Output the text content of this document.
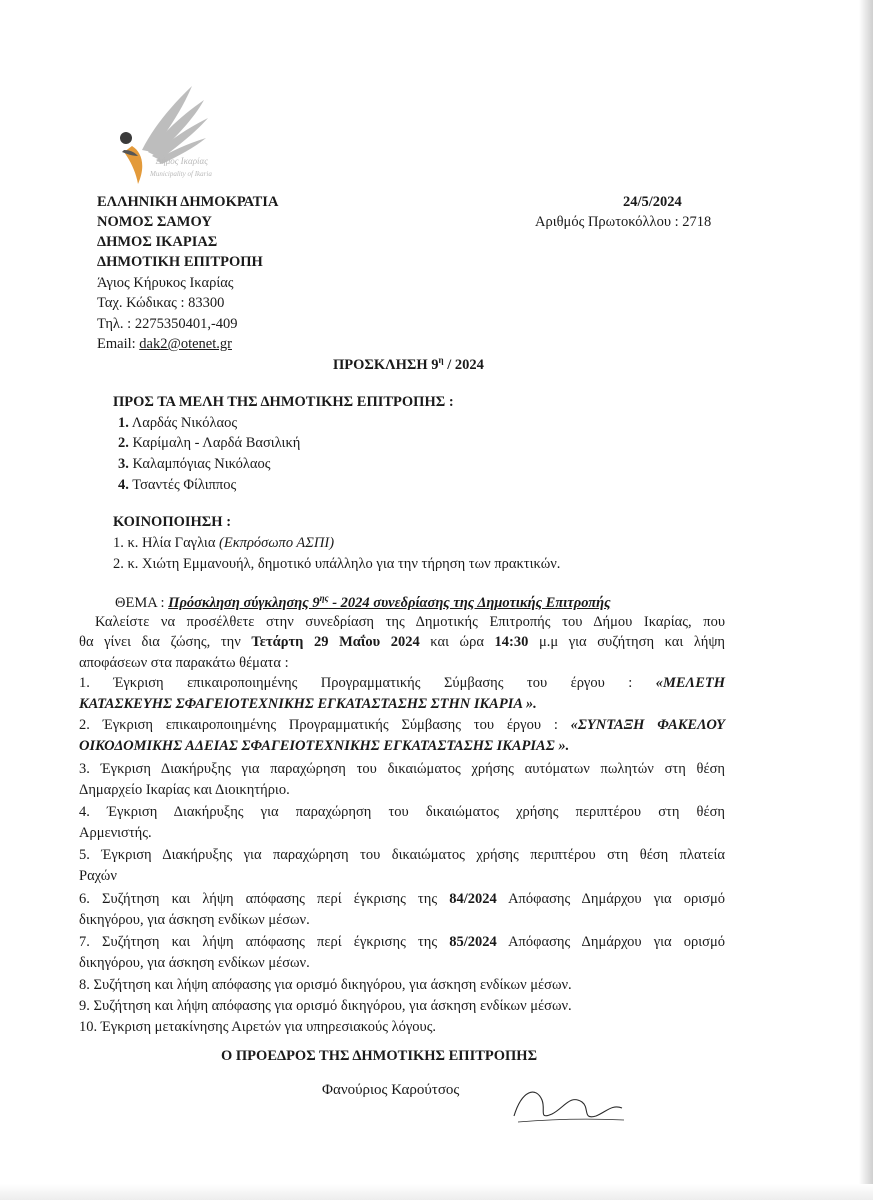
Δήμος Ικαρίας
Municipality of Ikaria
ΕΛΛΗΝΙΚΗ ΔΗΜΟΚΡΑΤΙΑ
ΝΟΜΟΣ ΣΑΜΟΥ
ΔΗΜΟΣ ΙΚΑΡΙΑΣ
ΔΗΜΟΤΙΚΗ ΕΠΙΤΡΟΠΗ
Άγιος Κήρυκος Ικαρίας
Ταχ. Κώδικας : 83300
Τηλ. : 2275350401,-409
Email: dak2@otenet.gr
24/5/2024
Αριθμός Πρωτοκόλλου : 2718
ΠΡΟΣΚΛΗΣΗ $9^\eta / 2024$
ΠΡΟΣ ΤΑ ΜΕΛΗ ΤΗΣ ΔΗΜΟΤΙΚΗΣ ΕΠΙΤΡΟΠΗΣ :
1. Λαρδάς Νικόλαος
2. Καρίμαλη - Λαρδά Βασιλική
3. Καλαμπόγιας Νικόλαος
4. Τσαντές Φίλιππος
ΚΟΙΝΟΠΟΙΗΣΗ :
1. κ. Ηλία Γαγλια (Εκπρόσωπο ΑΣΠΙ)
2. κ. Χιώτη Εμμανουήλ, δημοτικό υπάλληλο για την τήρηση των πρακτικών.
ΘΕΜΑ : Πρόσκληση σύγκλησης $9^{\eta\varsigma} - 2024$ συνεδρίασης της Δημοτικής Επιτροπής
Καλείστε να προσέλθετε στην συνεδρίαση της Δημοτικής Επιτροπής του Δήμου Ικαρίας, που
θα γίνει δια ζώσης, την Τετάρτη 29 Μαΐου 2024 και ώρα 14:30 μ.μ για συζήτηση και λήψη
αποφάσεων στα παρακάτω θέματα :
1. Έγκριση επικαιροποιημένης Προγραμματικής Σύμβασης του έργου : «ΜΕΛΕΤΗ
ΚΑΤΑΣΚΕΥΗΣ ΣΦΑΓΕΙΟΤΕΧΝΙΚΗΣ ΕΓΚΑΤΑΣΤΑΣΗΣ ΣΤΗΝ ΙΚΑΡΙΑ ».
2. Έγκριση επικαιροποιημένης Προγραμματικής Σύμβασης του έργου : «ΣΥΝΤΑΞΗ ΦΑΚΕΛΟΥ
ΟΙΚΟΔΟΜΙΚΗΣ ΑΔΕΙΑΣ ΣΦΑΓΕΙΟΤΕΧΝΙΚΗΣ ΕΓΚΑΤΑΣΤΑΣΗΣ ΙΚΑΡΙΑΣ ».
3. Έγκριση Διακήρυξης για παραχώρηση του δικαιώματος χρήσης αυτόματων πωλητών στη θέση
Δημαρχείο Ικαρίας και Διοικητήριο.
4. Έγκριση Διακήρυξης για παραχώρηση του δικαιώματος χρήσης περιπτέρου στη θέση
Αρμενιστής.
5. Έγκριση Διακήρυξης για παραχώρηση του δικαιώματος χρήσης περιπτέρου στη θέση πλατεία
Ραχών
6. Συζήτηση και λήψη απόφασης περί έγκρισης της 84/2024 Απόφασης Δημάρχου για ορισμό
δικηγόρου, για άσκηση ενδίκων μέσων.
7. Συζήτηση και λήψη απόφασης περί έγκρισης της 85/2024 Απόφασης Δημάρχου για ορισμό
δικηγόρου, για άσκηση ενδίκων μέσων.
8. Συζήτηση και λήψη απόφασης για ορισμό δικηγόρου, για άσκηση ενδίκων μέσων.
9. Συζήτηση και λήψη απόφασης για ορισμό δικηγόρου, για άσκηση ενδίκων μέσων.
10. Έγκριση μετακίνησης Αιρετών για υπηρεσιακούς λόγους.
Ο ΠΡΟΕΔΡΟΣ ΤΗΣ ΔΗΜΟΤΙΚΗΣ ΕΠΙΤΡΟΠΗΣ
Φανούριος Καρούτσος
